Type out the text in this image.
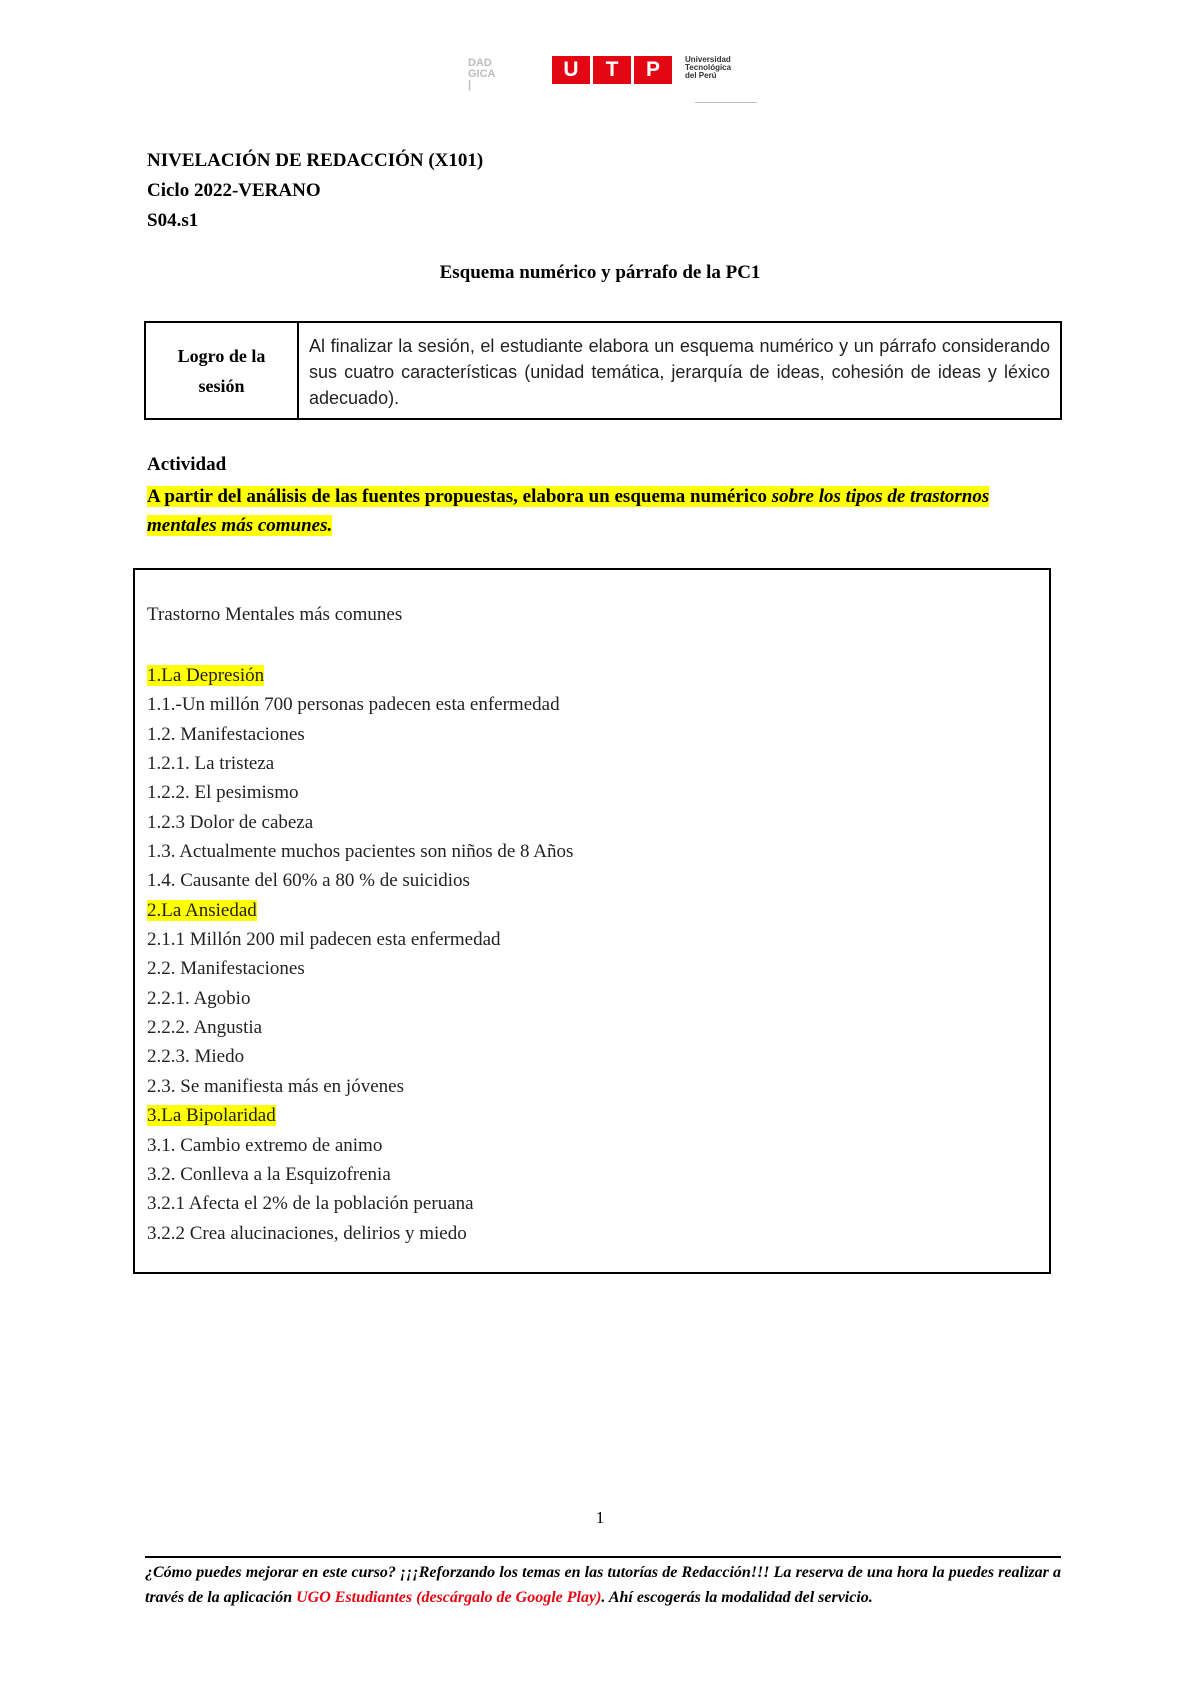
DAD
GICA
|
U	T	P	Universidad
Tecnológica
del Perú
NIVELACIÓN DE REDACCIÓN (X101)
Ciclo 2022-VERANO
S04.s1
Esquema numérico y párrafo de la PC1
Logro de la sesión
Al finalizar la sesión, el estudiante elabora un esquema numérico y un párrafo considerando sus cuatro características (unidad temática, jerarquía de ideas, cohesión de ideas y léxico adecuado).
Actividad
A partir del análisis de las fuentes propuestas, elabora un esquema numérico sobre los tipos de trastornos mentales más comunes.
Trastorno Mentales más comunes
1.La Depresión
1.1.-Un millón 700 personas padecen esta enfermedad
1.2. Manifestaciones
1.2.1. La tristeza
1.2.2. El pesimismo
1.2.3 Dolor de cabeza
1.3. Actualmente muchos pacientes son niños de 8 Años
1.4. Causante del 60% a 80 % de suicidios
2.La Ansiedad
2.1.1 Millón 200 mil padecen esta enfermedad
2.2. Manifestaciones
2.2.1. Agobio
2.2.2. Angustia
2.2.3. Miedo
2.3. Se manifiesta más en jóvenes
3.La Bipolaridad
3.1. Cambio extremo de animo
3.2. Conlleva a la Esquizofrenia
3.2.1 Afecta el 2% de la población peruana
3.2.2 Crea alucinaciones, delirios y miedo
1
¿Cómo puedes mejorar en este curso? ¡¡¡Reforzando los temas en las tutorías de Redacción!!! La reserva de una hora la puedes realizar a través de la aplicación UGO Estudiantes (descárgalo de Google Play). Ahí escogerás la modalidad del servicio.
